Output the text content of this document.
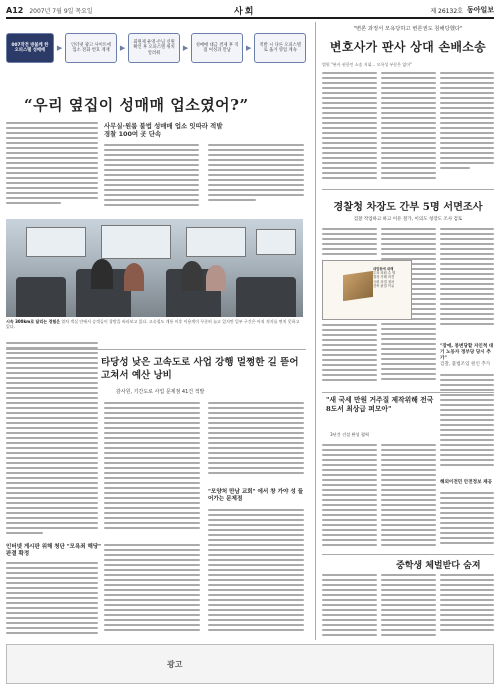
A12 2007년 7월 9일 목요일	사회	제 26132호 동아일보
007작전 방불케 한 오피스텔 성매매	▶	인터넷 광고 사이트에 업소 전화 번호 게재	▶
회원제 운영·손님 신원 확인 후 오피스텔 위치 알려줘
▶	성매매 대금 결제 후 직접 여성과 만남	▶	적발 시 다른 오피스텔로 옮겨 영업 계속
“우리 옆집이 성매매 업소였어?”
사무실·원룸 불법 성매매 업소 잇따라 적발
경찰 100여 곳 단속
시속 300km로 달리는 경험은 열차 객실 안에서 승객들이 창밖을 바라보고 있다. 고속철도 개통 이후 이용객이 꾸준히 늘고 있지만 일부 구간은 아직 적자를 면치 못하고 있다.
타당성 낮은 고속도로 사업 강행 멀쩡한 길 뜯어고쳐서 예산 낭비
감사원, 기간도로 사업 문제점 41건 적발
"모양처 만남 교회" 에서 창 가야 성 들어가는 문제점
인터넷 게시판 위해 청단 "모욕죄 해당" 판결 확정
"변론 과정서 모욕당하고 변론권도 침해당했다"
변호사가 판사 상대 손배소송
법원 "판사 권한인 소송 지휘… 모욕성 부분은 없어"
경찰청 차장도 간부 5명 서면조사
검찰 작업하고 하고 이유 철가, 이의도 청장도 조사 검토
대법원에 대해
투표 의원 수 명
결정 사례 의견
국회 의결 절차
건축 판결 이유
"장애, 봉변당할 자인척 대기 노동자 정부당 당시 추가"
검찰, 불법조업 원인 추가
해외이전민 안전정보 제공
"새 국세 만원 거주질 제작위해 전국 8도서 최상급 퍼모아"
3년간 건설 완성 협력
중학생 체벌받다 숨져
광고
